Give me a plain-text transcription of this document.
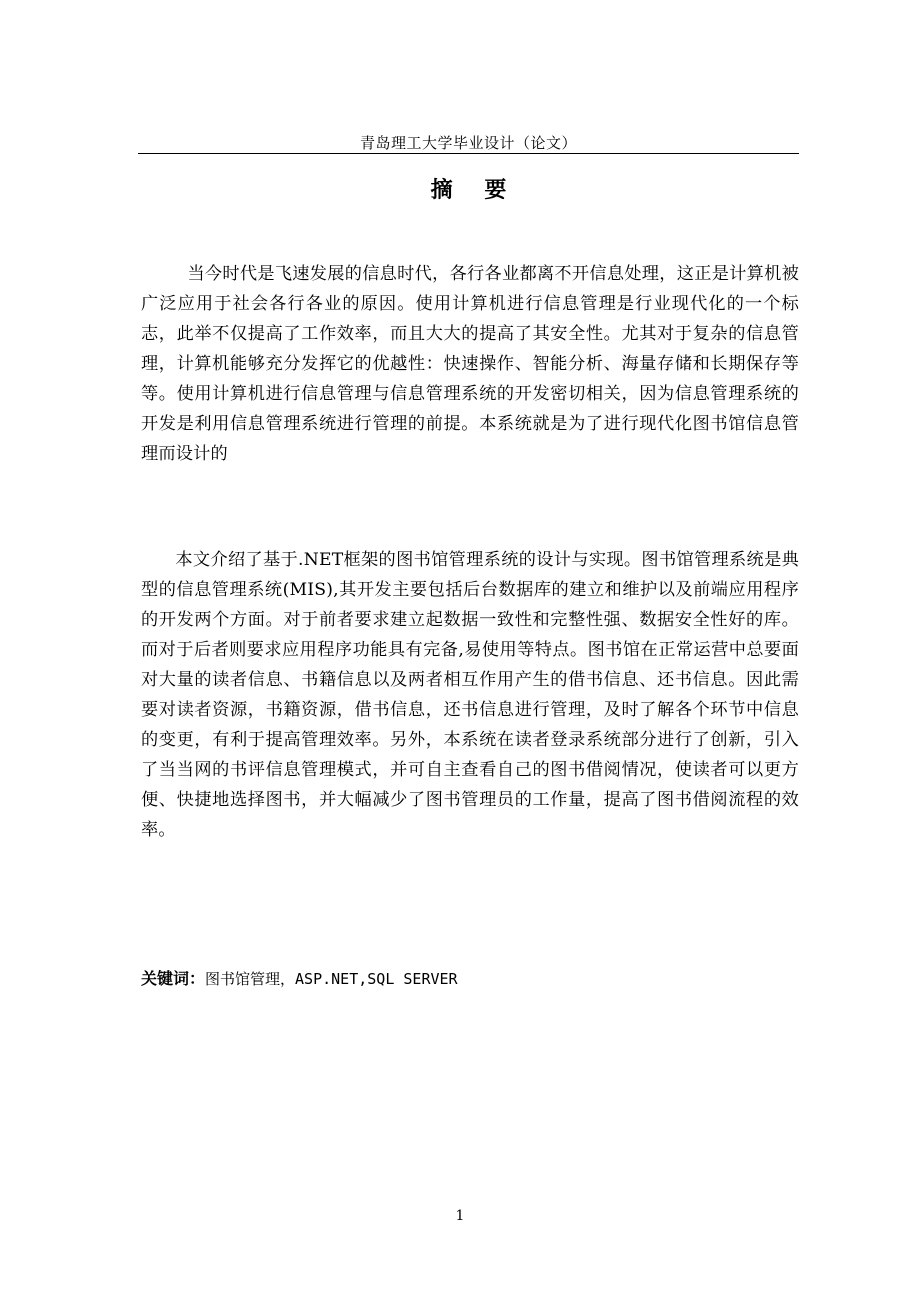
青岛理工大学毕业设计（论文）
摘 要

当今时代是飞速发展的信息时代，各行各业都离不开信息处理，这正是计算机被广泛应用于社会各行各业的原因。使用计算机进行信息管理是行业现代化的一个标志，此举不仅提高了工作效率，而且大大的提高了其安全性。尤其对于复杂的信息管理，计算机能够充分发挥它的优越性：快速操作、智能分析、海量存储和长期保存等等。使用计算机进行信息管理与信息管理系统的开发密切相关，因为信息管理系统的开发是利用信息管理系统进行管理的前提。本系统就是为了进行现代化图书馆信息管理而设计的

本文介绍了基于.NET框架的图书馆管理系统的设计与实现。图书馆管理系统是典型的信息管理系统(MIS),其开发主要包括后台数据库的建立和维护以及前端应用程序的开发两个方面。对于前者要求建立起数据一致性和完整性强、数据安全性好的库。而对于后者则要求应用程序功能具有完备,易使用等特点。图书馆在正常运营中总要面对大量的读者信息、书籍信息以及两者相互作用产生的借书信息、还书信息。因此需要对读者资源，书籍资源，借书信息，还书信息进行管理，及时了解各个环节中信息的变更，有利于提高管理效率。另外，本系统在读者登录系统部分进行了创新，引入了当当网的书评信息管理模式，并可自主查看自己的图书借阅情况，使读者可以更方便、快捷地选择图书，并大幅减少了图书管理员的工作量，提高了图书借阅流程的效率。

关键词：图书馆管理，ASP.NET,SQL SERVER
1
